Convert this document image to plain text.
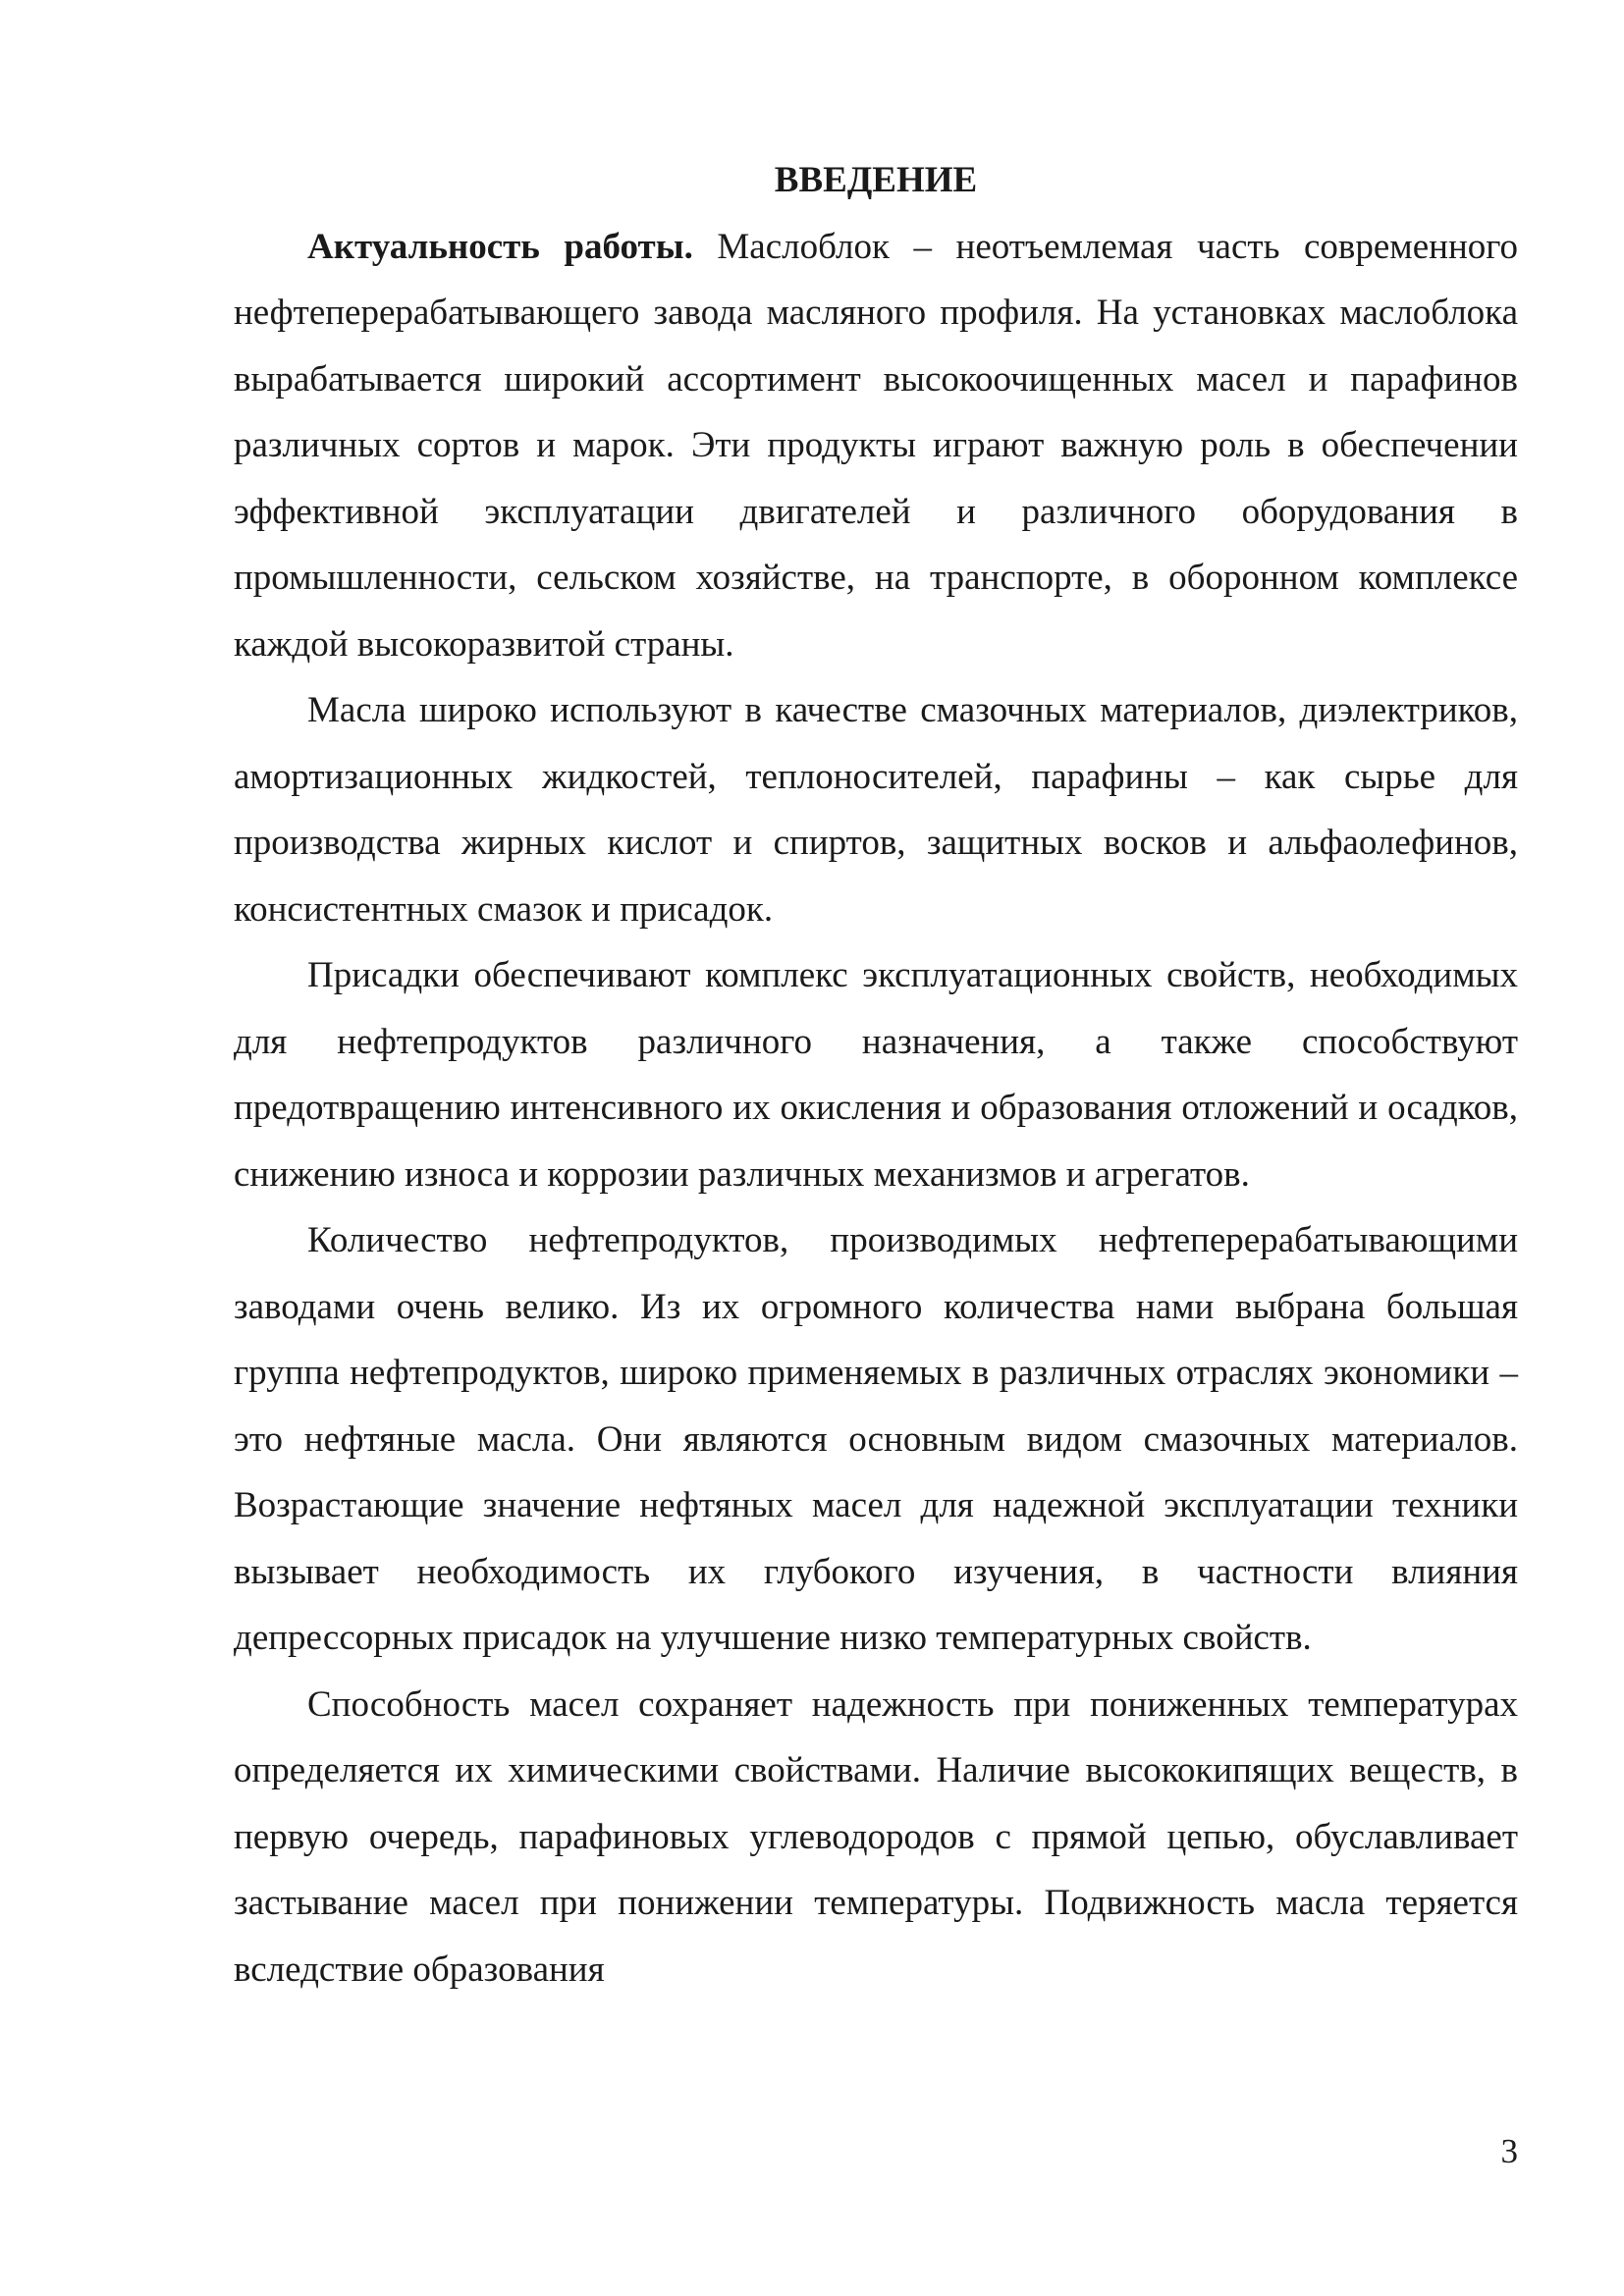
ВВЕДЕНИЕ

Актуальность работы. Маслоблок – неотъемлемая часть современного нефтеперерабатывающего завода масляного профиля. На установках маслоблока вырабатывается широкий ассортимент высокоочищенных масел и парафинов различных сортов и марок. Эти продукты играют важную роль в обеспечении эффективной эксплуатации двигателей и различного оборудования в промышленности, сельском хозяйстве, на транспорте, в оборонном комплексе каждой высокоразвитой страны.

Масла широко используют в качестве смазочных материалов, диэлектриков, амортизационных жидкостей, теплоносителей, парафины – как сырье для производства жирных кислот и спиртов, защитных восков и альфаолефинов, консистентных смазок и присадок.

Присадки обеспечивают комплекс эксплуатационных свойств, необходимых для нефтепродуктов различного назначения, а также способствуют предотвращению интенсивного их окисления и образования отложений и осадков, снижению износа и коррозии различных механизмов и агрегатов.

Количество нефтепродуктов, производимых нефтеперерабатывающими заводами очень велико. Из их огромного количества нами выбрана большая группа нефтепродуктов, широко применяемых в различных отраслях экономики – это нефтяные масла. Они являются основным видом смазочных материалов. Возрастающие значение нефтяных масел для надежной эксплуатации техники вызывает необходимость их глубокого изучения, в частности влияния депрессорных присадок на улучшение низко температурных свойств.

Способность масел сохраняет надежность при пониженных температурах определяется их химическими свойствами. Наличие высококипящих веществ, в первую очередь, парафиновых углеводородов с прямой цепью, обуславливает застывание масел при понижении температуры. Подвижность масла теряется вследствие образования

3
